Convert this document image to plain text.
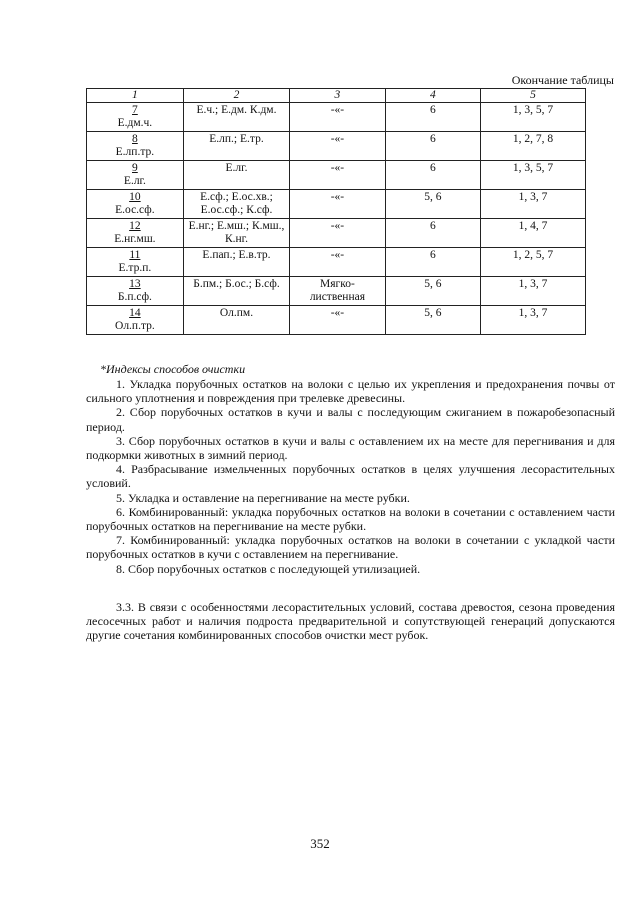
Окончание таблицы
1	2	3	4	5

7
Е.дм.ч.	Е.ч.; Е.дм. К.дм.	-«-	6	1, 3, 5, 7

8
Е.лп.тр.	Е.лп.; Е.тр.	-«-	6	1, 2, 7, 8

9
Е.лг.	Е.лг.	-«-	6	1, 3, 5, 7

10
Е.ос.сф.	Е.сф.; Е.ос.хв.; Е.ос.сф.; К.сф.	-«-	5, 6	1, 3, 7

12
Е.нг.мш.	Е.нг.; Е.мш.; К.мш., К.нг.	-«-	6	1, 4, 7

11
Е.тр.п.	Е.пап.; Е.в.тр.	-«-	6	1, 2, 5, 7

13
Б.п.сф.	Б.пм.; Б.ос.; Б.сф.	Мягко-лиственная	5, 6	1, 3, 7

14
Ол.п.тр.	Ол.пм.	-«-	5, 6	1, 3, 7
*Индексы способов очистки

1. Укладка порубочных остатков на волоки с целью их укрепления и предохранения почвы от сильного уплотнения и повреждения при трелевке древесины.

2. Сбор порубочных остатков в кучи и валы с последующим сжиганием в пожаробезопасный период.

3. Сбор порубочных остатков в кучи и валы с оставлением их на месте для перегнивания и для подкормки животных в зимний период.

4. Разбрасывание измельченных порубочных остатков в целях улучшения лесорастительных условий.

5. Укладка и оставление на перегнивание на месте рубки.

6. Комбинированный: укладка порубочных остатков на волоки в сочетании с оставлением части порубочных остатков на перегнивание на месте рубки.

7. Комбинированный: укладка порубочных остатков на волоки в сочетании с укладкой части порубочных остатков в кучи с оставлением на перегнивание.

8. Сбор порубочных остатков с последующей утилизацией.

3.3. В связи с особенностями лесорастительных условий, состава древостоя, сезона проведения лесосечных работ и наличия подроста предварительной и сопутствующей генераций допускаются другие сочетания комбинированных способов очистки мест рубок.

352
